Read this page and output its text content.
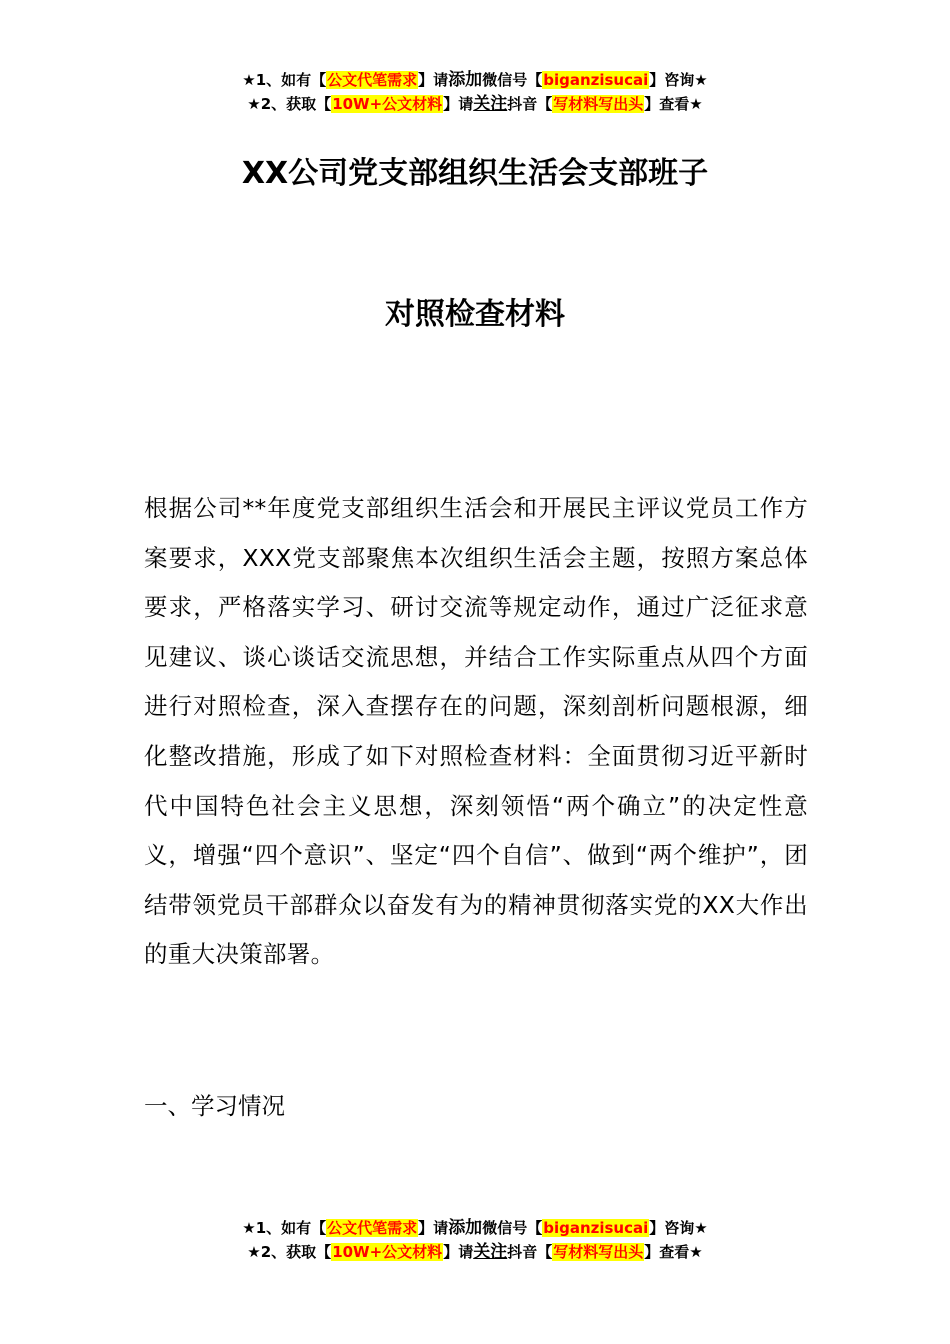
★1、如有【公文代笔需求】请添加微信号【biganzisucai】咨询★
★2、获取【10W+公文材料】请关注抖音【写材料写出头】查看★
XX公司党支部组织生活会支部班子
对照检查材料
根据公司**年度党支部组织生活会和开展民主评议党员工作方案要求，XXX党支部聚焦本次组织生活会主题，按照方案总体要求，严格落实学习、研讨交流等规定动作，通过广泛征求意见建议、谈心谈话交流思想，并结合工作实际重点从四个方面进行对照检查，深入查摆存在的问题，深刻剖析问题根源，细化整改措施，形成了如下对照检查材料：全面贯彻习近平新时代中国特色社会主义思想，深刻领悟“两个确立”的决定性意义，增强“四个意识”、坚定“四个自信”、做到“两个维护”，团结带领党员干部群众以奋发有为的精神贯彻落实党的XX大作出的重大决策部署。
一、学习情况
★1、如有【公文代笔需求】请添加微信号【biganzisucai】咨询★
★2、获取【10W+公文材料】请关注抖音【写材料写出头】查看★
